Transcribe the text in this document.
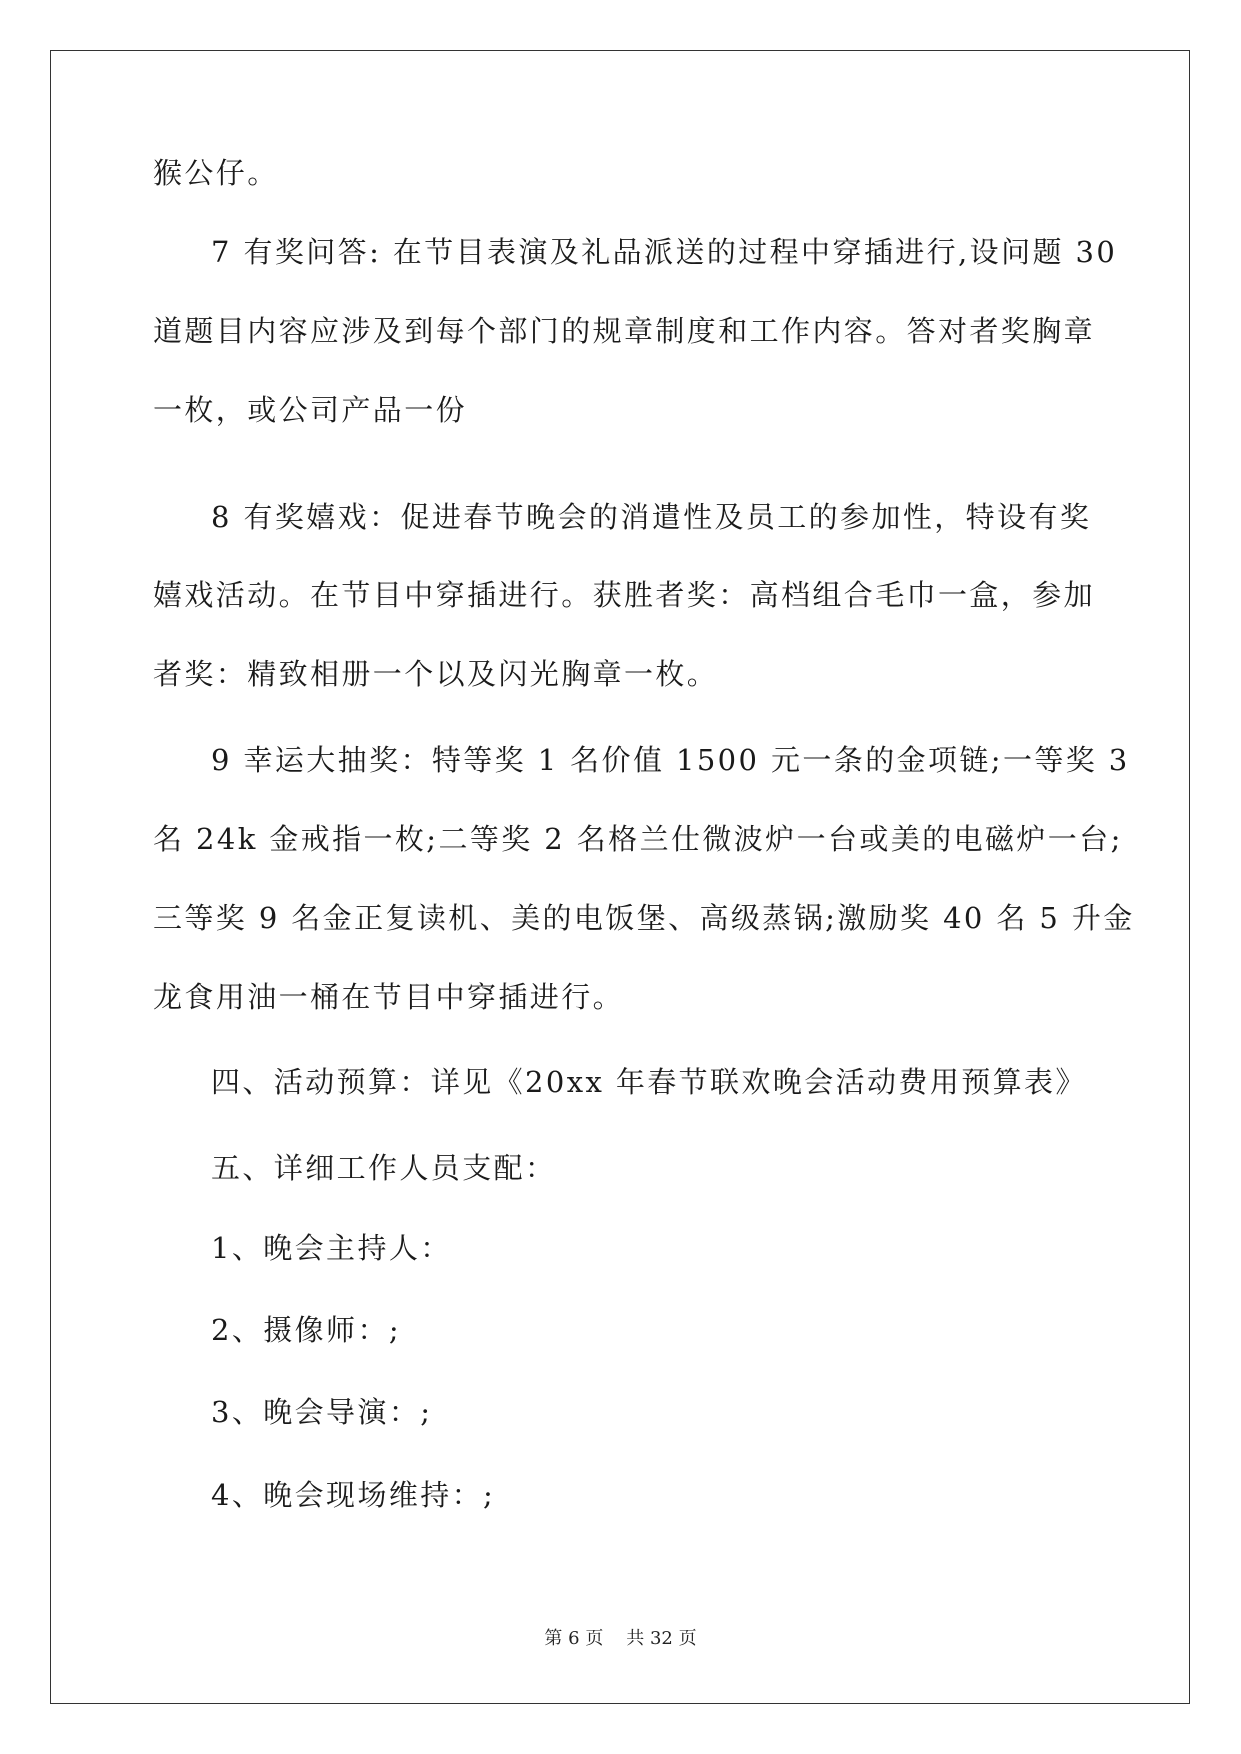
猴公仔。
7 有奖问答: 在节目表演及礼品派送的过程中穿插进行,设问题 30
道题目内容应涉及到每个部门的规章制度和工作内容。答对者奖胸章
一枚，或公司产品一份
8 有奖嬉戏：促进春节晚会的消遣性及员工的参加性，特设有奖
嬉戏活动。在节目中穿插进行。获胜者奖：高档组合毛巾一盒，参加
者奖：精致相册一个以及闪光胸章一枚。
9 幸运大抽奖：特等奖 1 名价值 1500 元一条的金项链;一等奖 3
名 24k 金戒指一枚;二等奖 2 名格兰仕微波炉一台或美的电磁炉一台;
三等奖 9 名金正复读机、美的电饭堡、高级蒸锅;激励奖 40 名 5 升金
龙食用油一桶在节目中穿插进行。
四、活动预算：详见《20xx 年春节联欢晚会活动费用预算表》
五、详细工作人员支配：
1、晚会主持人：
2、摄像师：;
3、晚会导演：;
4、晚会现场维持：;
第 6 页 共 32 页
